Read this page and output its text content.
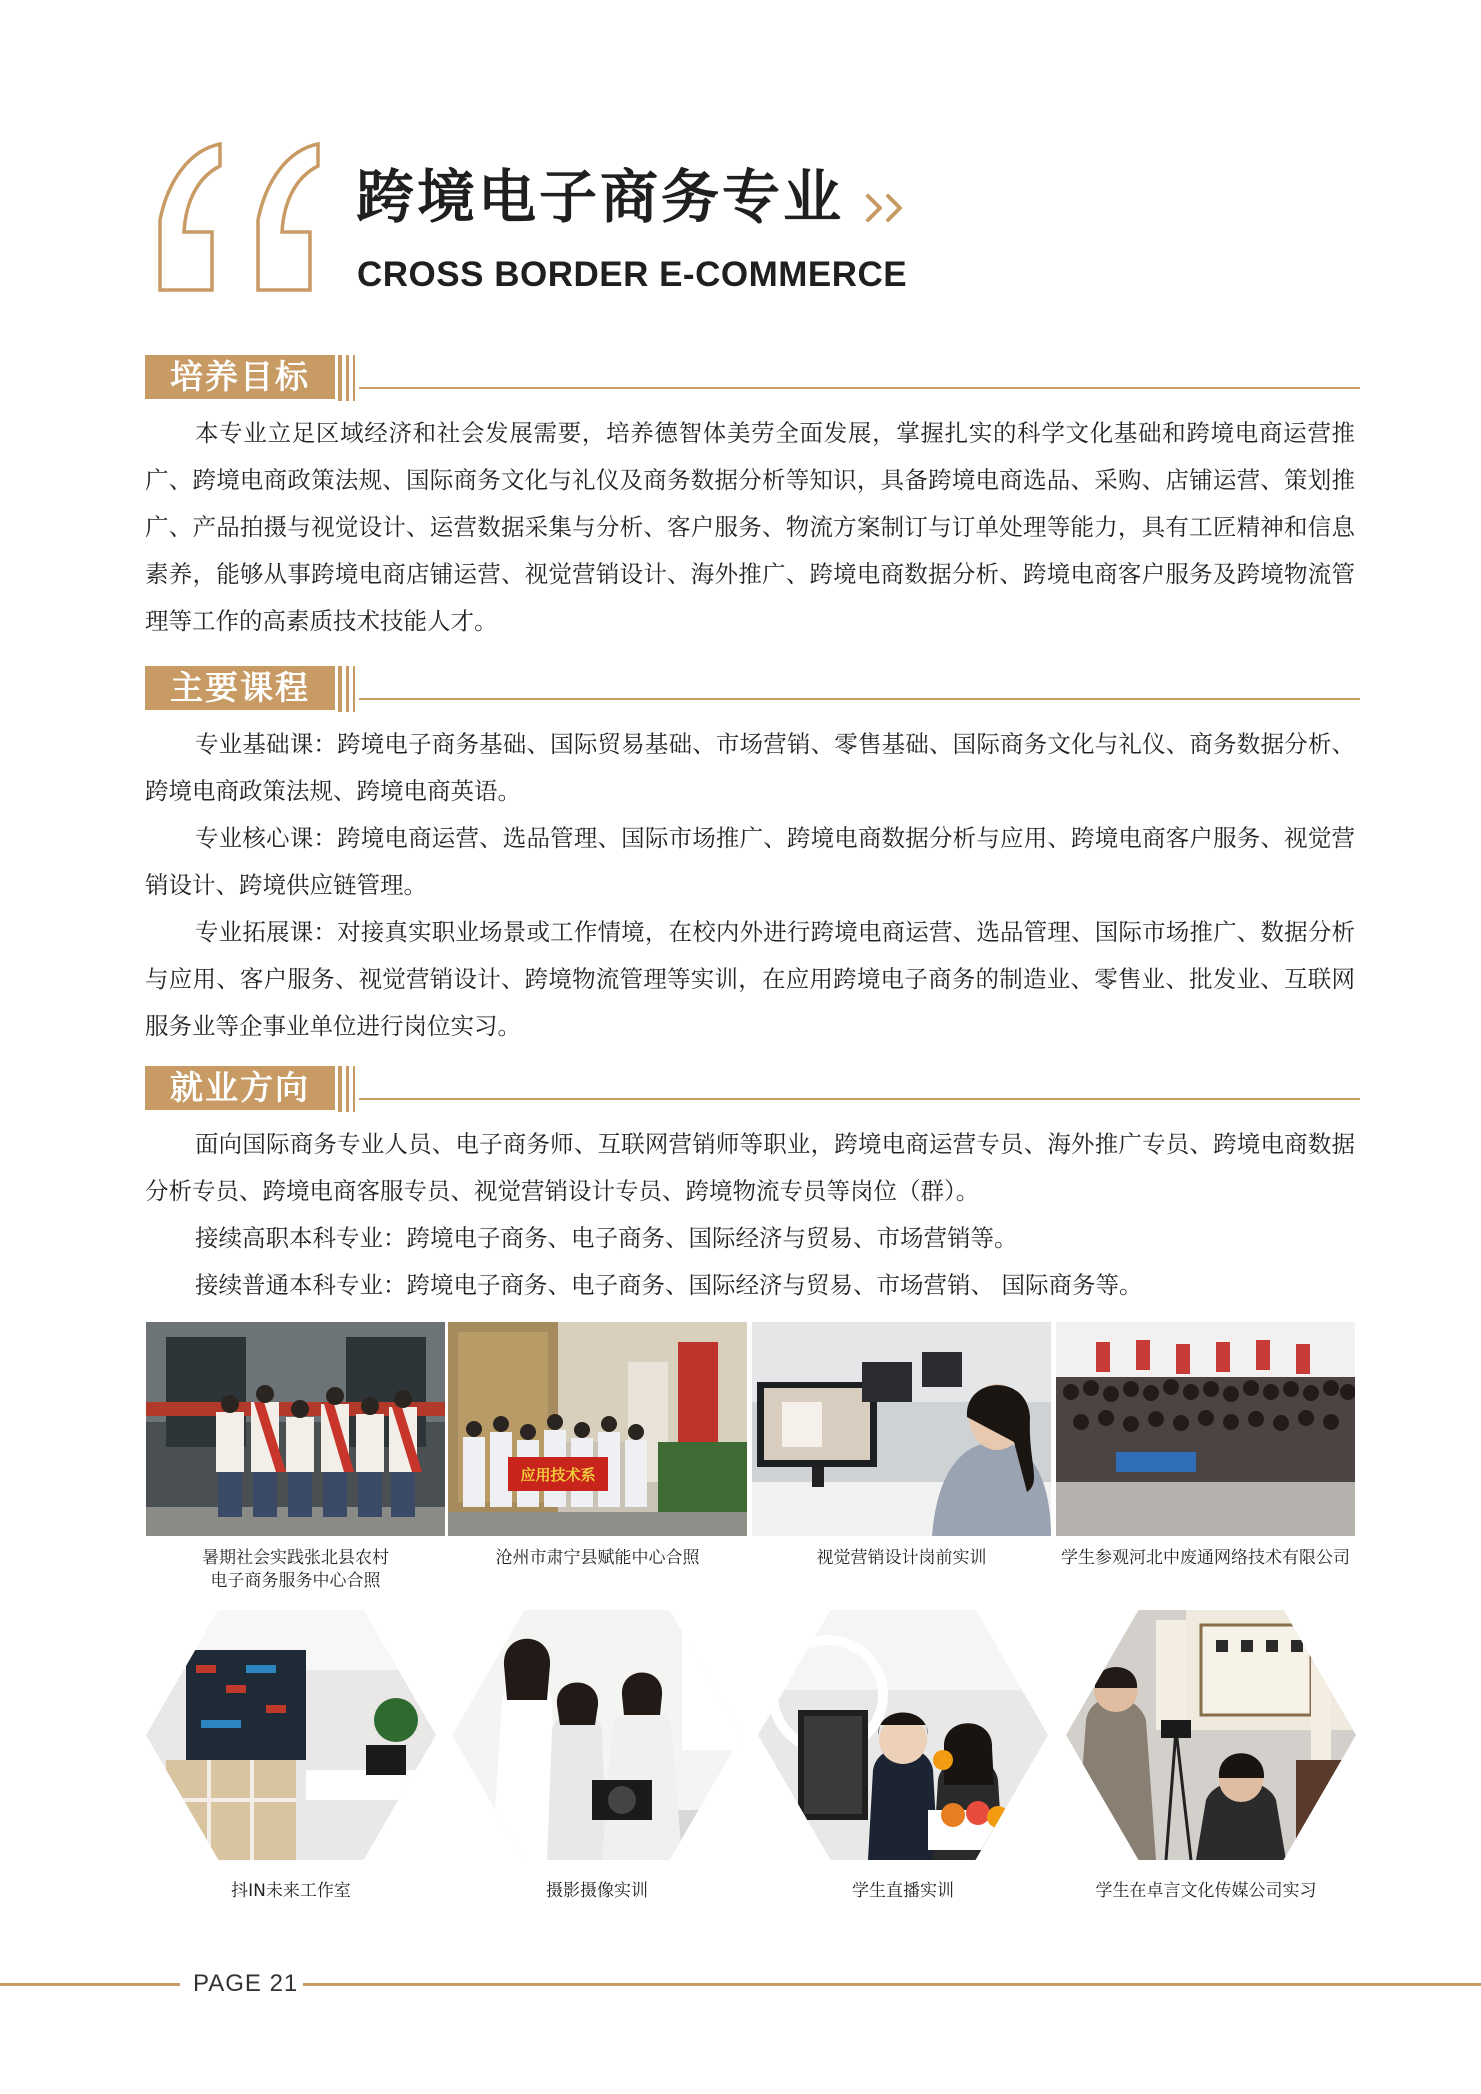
跨境电子商务专业
CROSS BORDER E-COMMERCE
培养目标

本专业立足区域经济和社会发展需要，培养德智体美劳全面发展，掌握扎实的科学文化基础和跨境电商运营推广、跨境电商政策法规、国际商务文化与礼仪及商务数据分析等知识，具备跨境电商选品、采购、店铺运营、策划推广、产品拍摄与视觉设计、运营数据采集与分析、客户服务、物流方案制订与订单处理等能力，具有工匠精神和信息素养，能够从事跨境电商店铺运营、视觉营销设计、海外推广、跨境电商数据分析、跨境电商客户服务及跨境物流管理等工作的高素质技术技能人才。

主要课程

专业基础课：跨境电子商务基础、国际贸易基础、市场营销、零售基础、国际商务文化与礼仪、商务数据分析、跨境电商政策法规、跨境电商英语。

专业核心课：跨境电商运营、选品管理、国际市场推广、跨境电商数据分析与应用、跨境电商客户服务、视觉营销设计、跨境供应链管理。

专业拓展课：对接真实职业场景或工作情境，在校内外进行跨境电商运营、选品管理、国际市场推广、数据分析与应用、客户服务、视觉营销设计、跨境物流管理等实训，在应用跨境电子商务的制造业、零售业、批发业、互联网服务业等企事业单位进行岗位实习。

就业方向

面向国际商务专业人员、电子商务师、互联网营销师等职业，跨境电商运营专员、海外推广专员、跨境电商数据分析专员、跨境电商客服专员、视觉营销设计专员、跨境物流专员等岗位（群）。

接续高职本科专业：跨境电子商务、电子商务、国际经济与贸易、市场营销等。

接续普通本科专业：跨境电子商务、电子商务、国际经济与贸易、市场营销、 国际商务等。

应用技术系
暑期社会实践张北县农村
电子商务服务中心合照
沧州市肃宁县赋能中心合照	视觉营销设计岗前实训	学生参观河北中废通网络技术有限公司
抖IN未来工作室	摄影摄像实训	学生直播实训	学生在卓言文化传媒公司实习
PAGE 21
